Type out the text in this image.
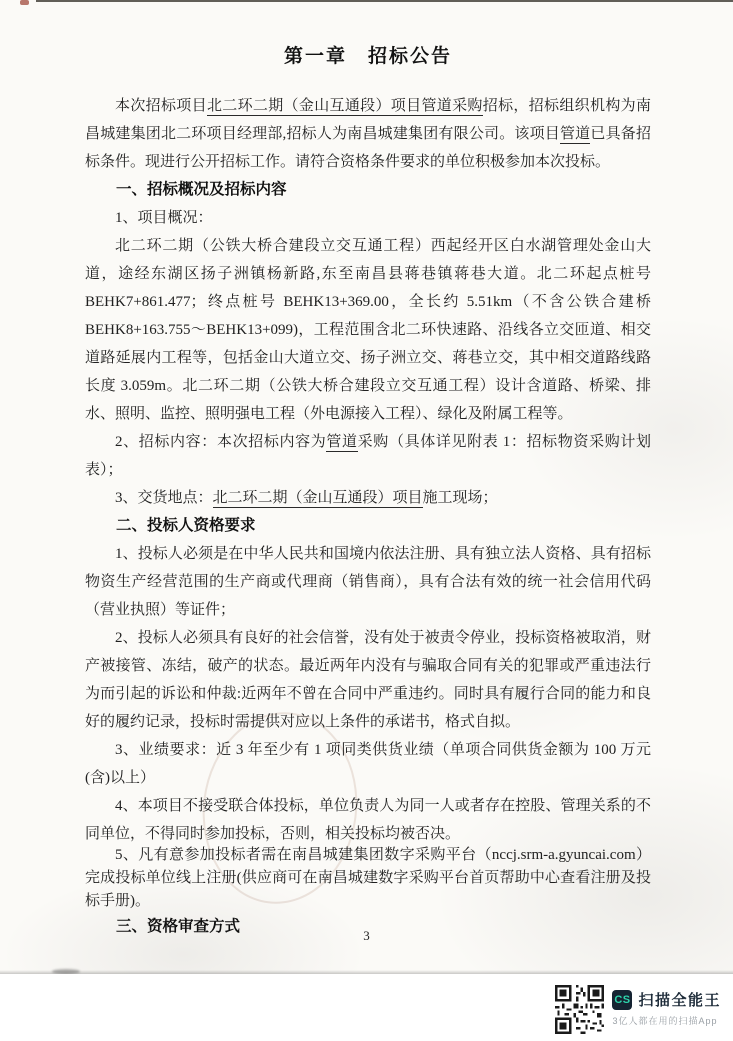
第一章　招标公告

本次招标项目北二环二期（金山互通段）项目管道采购招标，招标组织机构为南昌城建集团北二环项目经理部,招标人为南昌城建集团有限公司。该项目管道已具备招标条件。现进行公开招标工作。请符合资格条件要求的单位积极参加本次投标。

一、招标概况及招标内容

1、项目概况：

北二环二期（公铁大桥合建段立交互通工程）西起经开区白水湖管理处金山大道，途经东湖区扬子洲镇杨新路,东至南昌县蒋巷镇蒋巷大道。北二环起点桩号 BEHK7+861.477；终点桩号 BEHK13+369.00，全长约 5.51km（不含公铁合建桥 BEHK8+163.755～BEHK13+099)，工程范围含北二环快速路、沿线各立交匝道、相交道路延展内工程等，包括金山大道立交、扬子洲立交、蒋巷立交，其中相交道路线路长度 3.059m。北二环二期（公铁大桥合建段立交互通工程）设计含道路、桥梁、排水、照明、监控、照明强电工程（外电源接入工程）、绿化及附属工程等。

2、招标内容：本次招标内容为管道采购（具体详见附表 1：招标物资采购计划表）；

3、交货地点：北二环二期（金山互通段）项目施工现场；

二、投标人资格要求

1、投标人必须是在中华人民共和国境内依法注册、具有独立法人资格、具有招标物资生产经营范围的生产商或代理商（销售商），具有合法有效的统一社会信用代码（营业执照）等证件；

2、投标人必须具有良好的社会信誉，没有处于被责令停业，投标资格被取消，财产被接管、冻结，破产的状态。最近两年内没有与骗取合同有关的犯罪或严重违法行为而引起的诉讼和仲裁:近两年不曾在合同中严重违约。同时具有履行合同的能力和良好的履约记录，投标时需提供对应以上条件的承诺书，格式自拟。

3、业绩要求：近 3 年至少有 1 项同类供货业绩（单项合同供货金额为 100 万元(含)以上）

4、本项目不接受联合体投标，单位负责人为同一人或者存在控股、管理关系的不同单位，不得同时参加投标，否则，相关投标均被否决。

5、凡有意参加投标者需在南昌城建集团数字采购平台（nccj.srm-a.gyuncai.com）完成投标单位线上注册(供应商可在南昌城建数字采购平台首页帮助中心查看注册及投标手册)。

三、资格审查方式

3
CS 扫描全能王
3亿人都在用的扫描App
